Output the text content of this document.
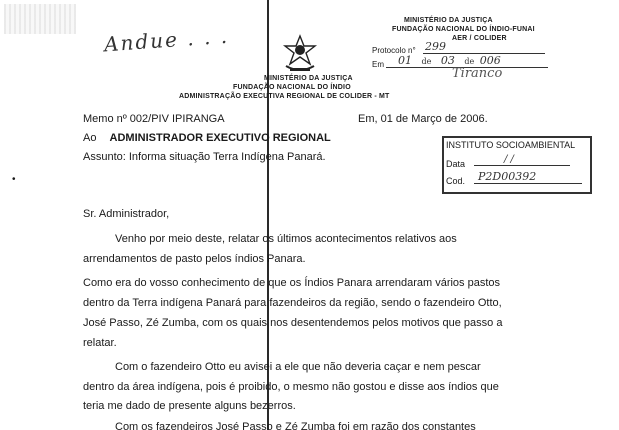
Andue . . .
MINISTÉRIO DA JUSTIÇA
FUNDAÇÃO NACIONAL DO ÍNDIO
ADMINISTRAÇÃO EXECUTIVA REGIONAL DE COLIDER - MT
MINISTÉRIO DA JUSTIÇA
FUNDAÇÃO NACIONAL DO ÍNDIO-FUNAI
AER / COLIDER
Protocolo n° 299
Em	01 de 03 de 006
Tiranco
Memo nº 002/PIV IPIRANGA	Em, 01 de Março de 2006.
Ao ADMINISTRADOR EXECUTIVO REGIONAL
Assunto: Informa situação Terra Indígena Panará.
INSTITUTO SOCIOAMBIENTAL
Data	/ /
Cod.	P2D00392
•
Sr. Administrador,
Venho por meio deste, relatar os últimos acontecimentos relativos aos
arrendamentos de pasto pelos índios Panara.
Como era do vosso conhecimento de que os Índios Panara arrendaram vários pastos
dentro da Terra indígena Panará para fazendeiros da região, sendo o fazendeiro Otto,
José Passo, Zé Zumba, com os quais nos desentendemos pelos motivos que passo a
relatar.
Com o fazendeiro Otto eu avisei a ele que não deveria caçar e nem pescar
dentro da área indígena, pois é proibido, o mesmo não gostou e disse aos índios que
teria me dado de presente alguns bezerros.
Com os fazendeiros José Passo e Zé Zumba foi em razão dos constantes
